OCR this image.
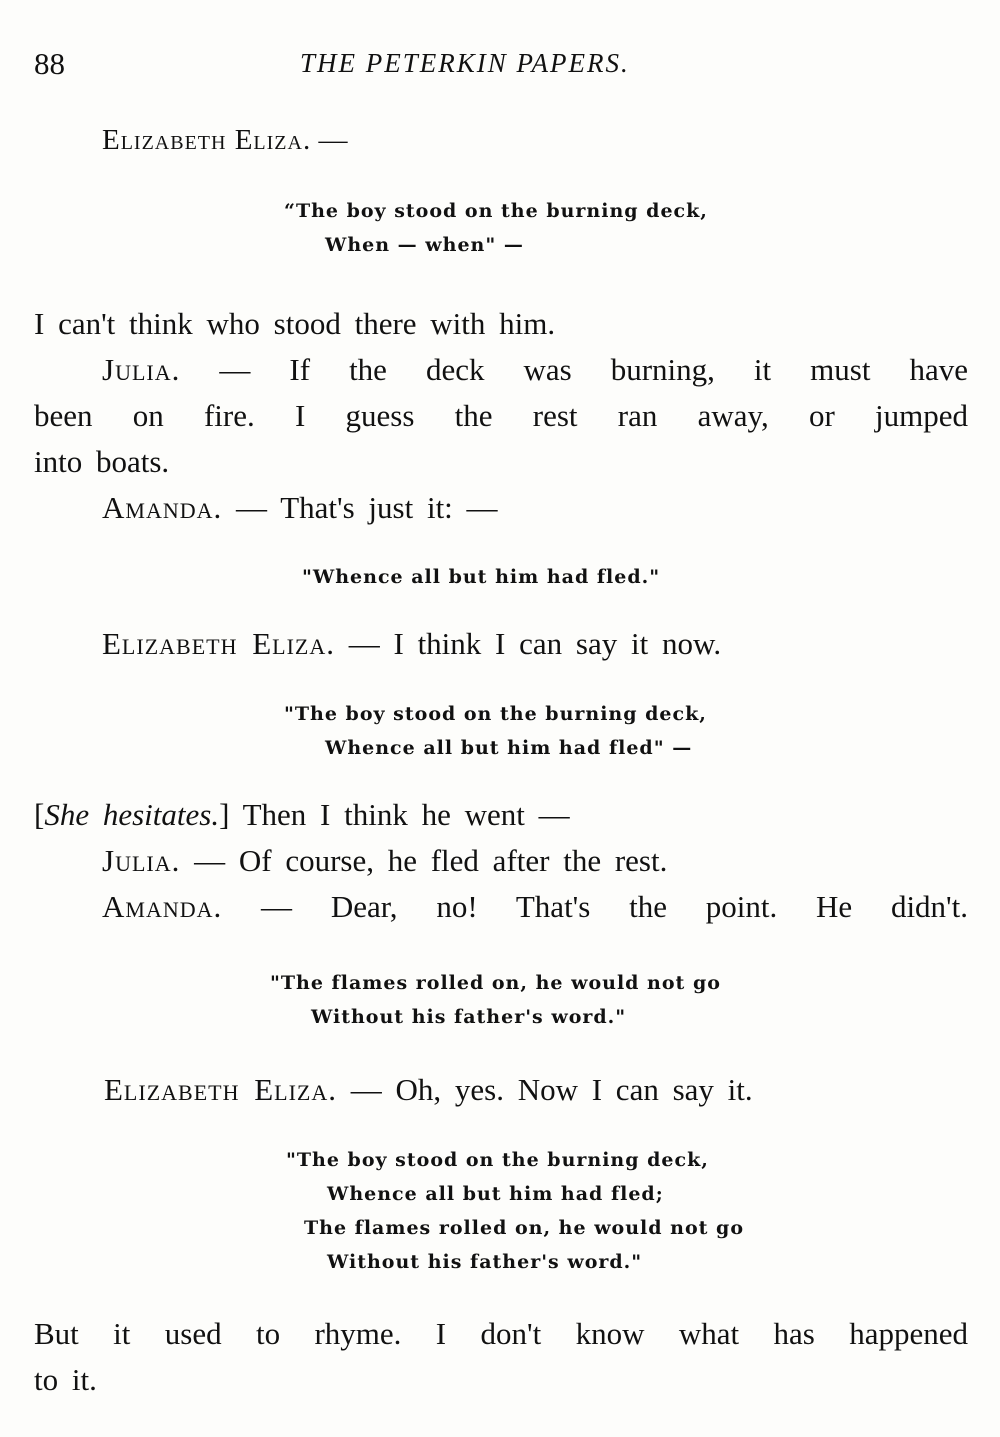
88	THE PETERKIN PAPERS.
Elizabeth Eliza. —
“The boy stood on the burning deck,
When — when" —
I can't think who stood there with him.
Julia. — If the deck was burning, it must have
been on fire. I guess the rest ran away, or jumped
into boats.
Amanda. — That's just it: —
"Whence all but him had fled."
Elizabeth Eliza. — I think I can say it now.
"The boy stood on the burning deck,
Whence all but him had fled" —
[She hesitates.] Then I think he went —
Julia. — Of course, he fled after the rest.
Amanda. — Dear, no! That's the point. He didn't.
"The flames rolled on, he would not go
Without his father's word."
Elizabeth Eliza. — Oh, yes. Now I can say it.
"The boy stood on the burning deck,
Whence all but him had fled;
The flames rolled on, he would not go
Without his father's word."
But it used to rhyme. I don't know what has happened
to it.
